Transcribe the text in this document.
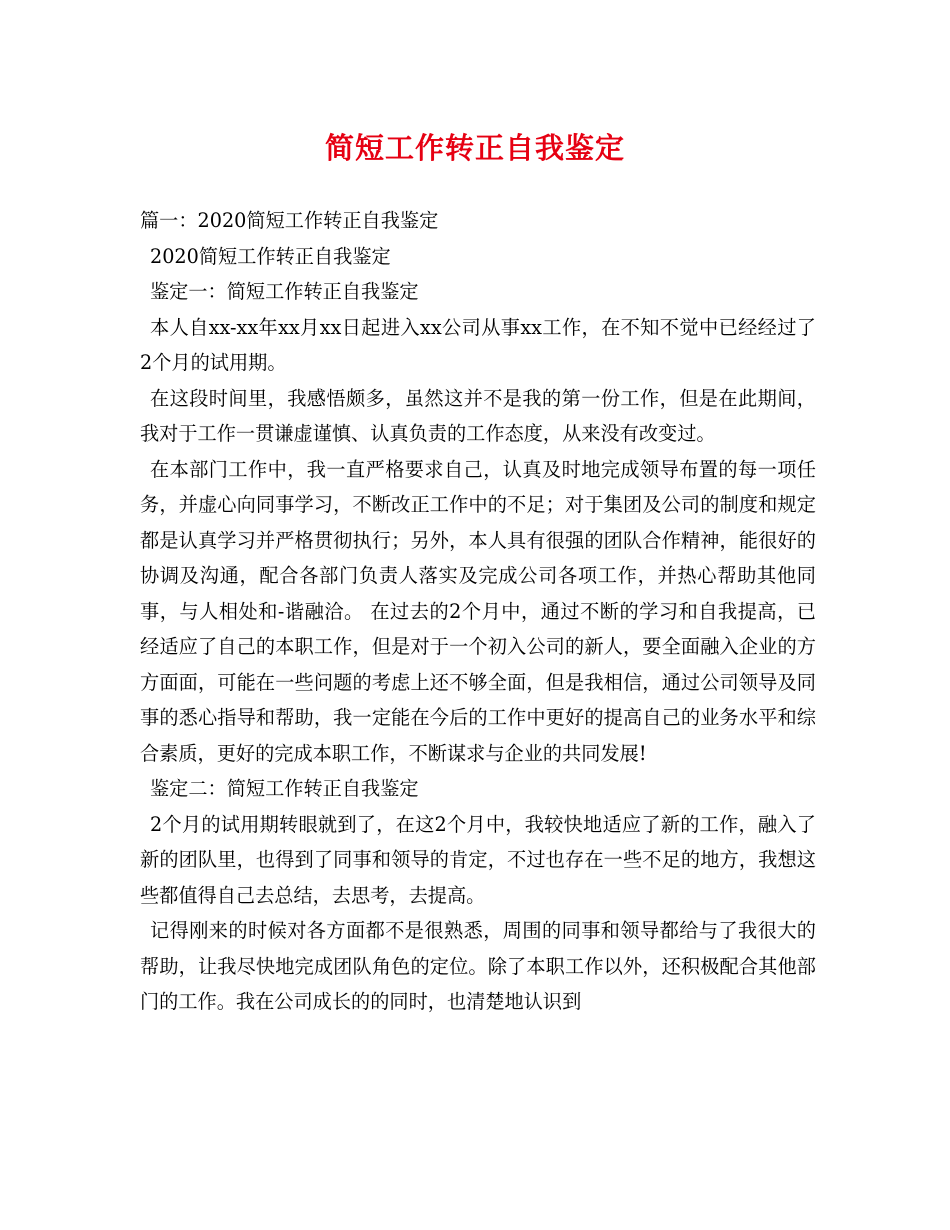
简短工作转正自我鉴定

篇一：2020简短工作转正自我鉴定

2020简短工作转正自我鉴定

鉴定一：简短工作转正自我鉴定

本人自xx-xx年xx月xx日起进入xx公司从事xx工作，在不知不觉中已经经过了2个月的试用期。

在这段时间里，我感悟颇多，虽然这并不是我的第一份工作，但是在此期间，我对于工作一贯谦虚谨慎、认真负责的工作态度，从来没有改变过。

在本部门工作中，我一直严格要求自己，认真及时地完成领导布置的每一项任务，并虚心向同事学习，不断改正工作中的不足；对于集团及公司的制度和规定都是认真学习并严格贯彻执行；另外，本人具有很强的团队合作精神，能很好的协调及沟通，配合各部门负责人落实及完成公司各项工作，并热心帮助其他同事，与人相处和-谐融洽。 在过去的2个月中，通过不断的学习和自我提高，已经适应了自己的本职工作，但是对于一个初入公司的新人，要全面融入企业的方方面面，可能在一些问题的考虑上还不够全面，但是我相信，通过公司领导及同事的悉心指导和帮助，我一定能在今后的工作中更好的提高自己的业务水平和综合素质，更好的完成本职工作，不断谋求与企业的共同发展!

鉴定二：简短工作转正自我鉴定

2个月的试用期转眼就到了，在这2个月中，我较快地适应了新的工作，融入了新的团队里，也得到了同事和领导的肯定，不过也存在一些不足的地方，我想这些都值得自己去总结，去思考，去提高。

记得刚来的时候对各方面都不是很熟悉，周围的同事和领导都给与了我很大的帮助，让我尽快地完成团队角色的定位。除了本职工作以外，还积极配合其他部门的工作。我在公司成长的的同时，也清楚地认识到
